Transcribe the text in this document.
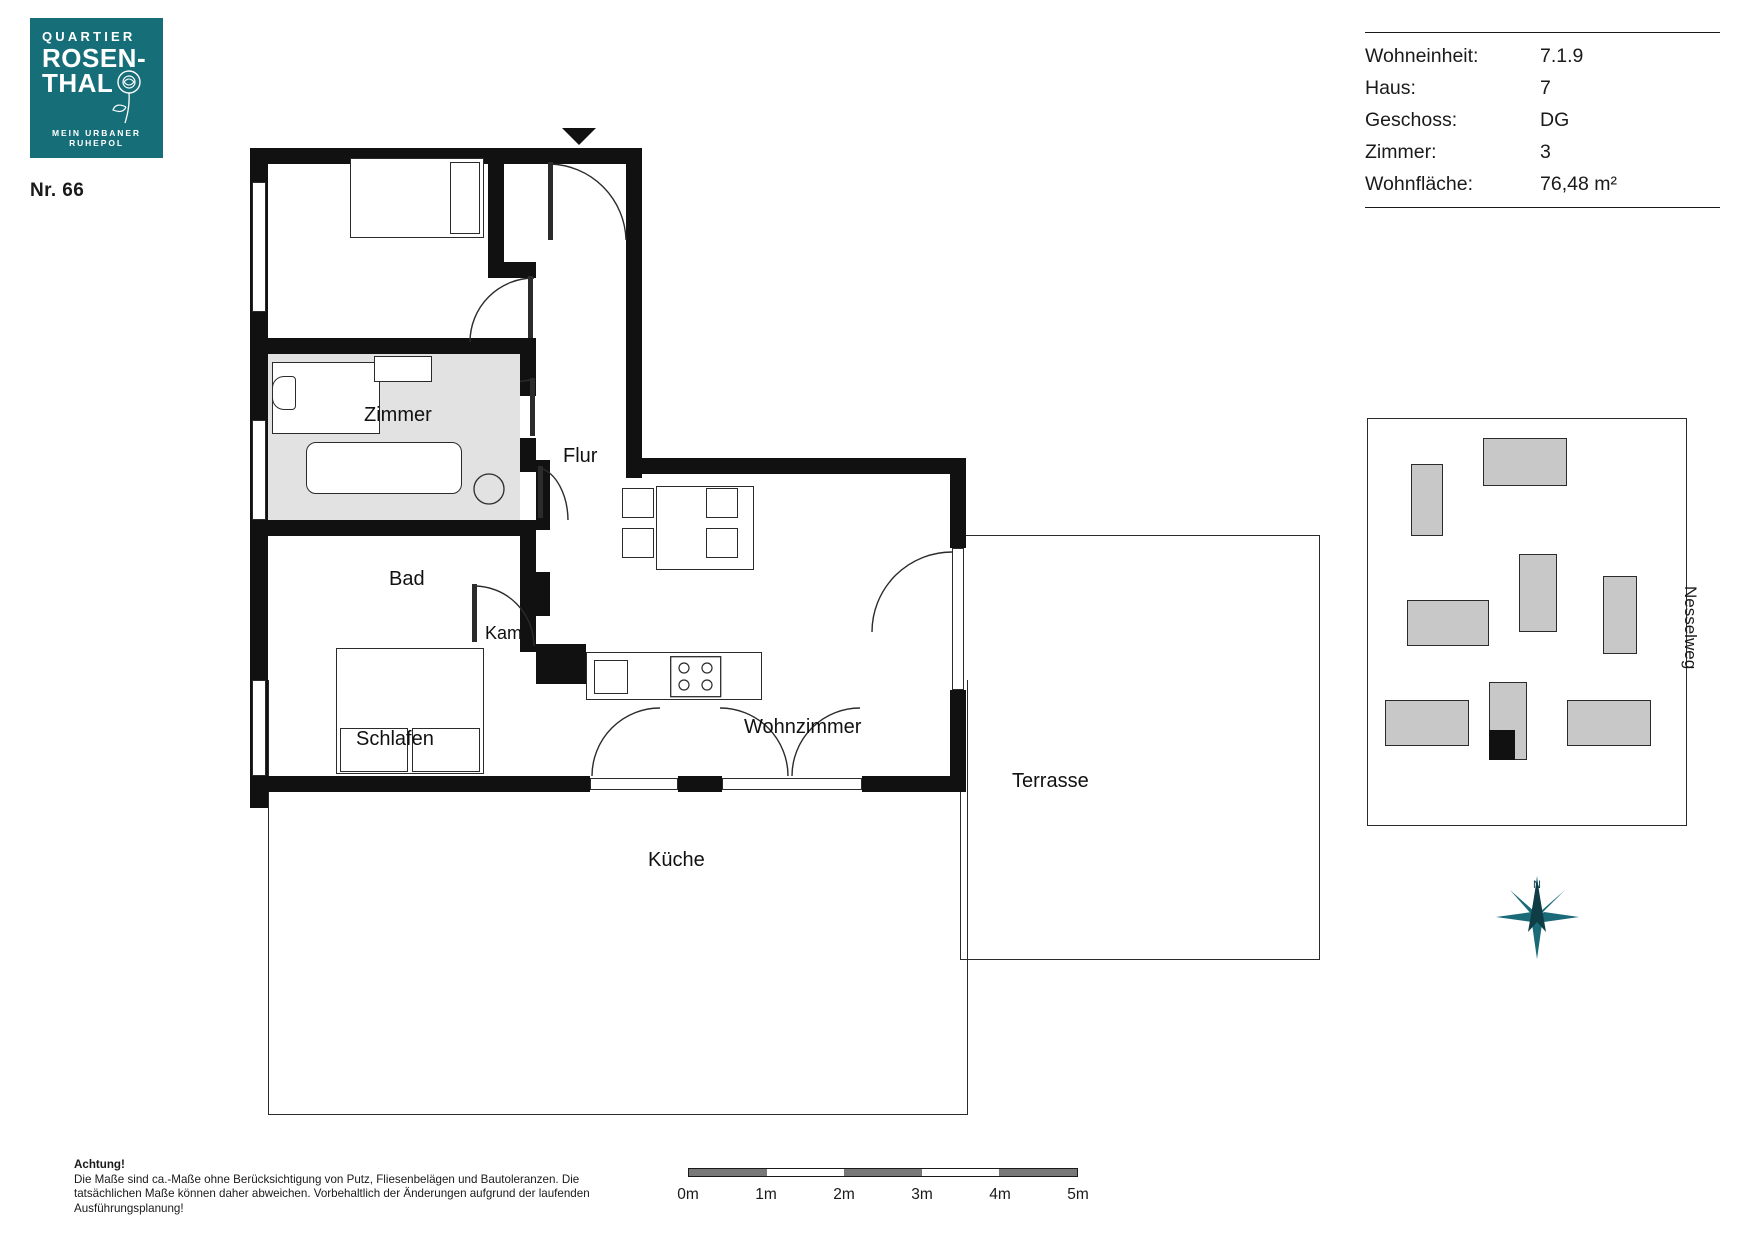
QUARTIER
ROSEN-
THAL
MEIN URBANER RUHEPOL
Nr. 66
Wohneinheit:	7.1.9
Haus:	7
Geschoss:	DG
Zimmer:	3
Wohnfläche:	76,48 m²
Nesselweg
N
Zimmer
Flur
Bad
Kam.
Schlafen
Wohnzimmer
Küche
Terrasse
Achtung!
Die Maße sind ca.-Maße ohne Berücksichtigung von Putz, Fliesenbelägen und Bautoleranzen. Die tatsächlichen Maße können daher abweichen. Vorbehaltlich der Änderungen aufgrund der laufenden Ausführungsplanung!
0m	1m	2m	3m	4m	5m
